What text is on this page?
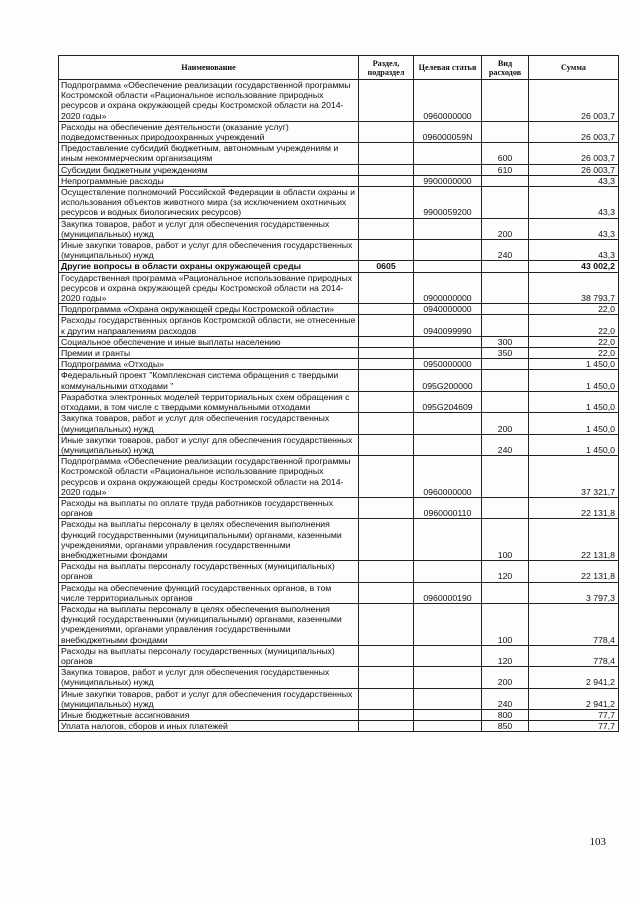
Наименование	Раздел, подраздел	Целевая статья	Вид расходов	Сумма
Подпрограмма «Обеспечение реализации государственной программы Костромской области «Рациональное использование природных ресурсов и охрана окружающей среды Костромской области на 2014-2020 годы»		0960000000		26 003,7
Расходы на обеспечение деятельности (оказание услуг) подведомственных природоохранных учреждений		096000059N		26 003,7
Предоставление субсидий бюджетным, автономным учреждениям и иным некоммерческим организациям			600	26 003,7
Субсидии бюджетным учреждениям			610	26 003,7
Непрограммные расходы		9900000000		43,3
Осуществление полномочий Российской Федерации в области охраны и использования объектов животного мира (за исключением охотничьих ресурсов и водных биологических ресурсов)		9900059200		43,3
Закупка товаров, работ и услуг для обеспечения государственных (муниципальных) нужд			200	43,3
Иные закупки товаров, работ и услуг для обеспечения государственных (муниципальных) нужд			240	43,3
Другие вопросы в области охраны окружающей среды	0605			43 002,2
Государственная программа «Рациональное использование природных ресурсов и охрана окружающей среды Костромской области на 2014-2020 годы»		0900000000		38 793,7
Подпрограмма «Охрана окружающей среды Костромской области»		0940000000		22,0
Расходы государственных органов Костромской области, не отнесенные к другим направлениям расходов		0940099990		22,0
Социальное обеспечение и иные выплаты населению			300	22,0
Премии и гранты			350	22,0
Подпрограмма «Отходы»		0950000000		1 450,0
Федеральный проект "Комплексная система обращения с твердыми коммунальными отходами "		095G200000		1 450,0
Разработка электронных моделей территориальных схем обращения с отходами, в том числе с твердыми коммунальными отходами		095G204609		1 450,0
Закупка товаров, работ и услуг для обеспечения государственных (муниципальных) нужд			200	1 450,0
Иные закупки товаров, работ и услуг для обеспечения государственных (муниципальных) нужд			240	1 450,0
Подпрограмма «Обеспечение реализации государственной программы Костромской области «Рациональное использование природных ресурсов и охрана окружающей среды Костромской области на 2014-2020 годы»		0960000000		37 321,7
Расходы на выплаты по оплате труда работников государственных органов		0960000110		22 131,8
Расходы на выплаты персоналу в целях обеспечения выполнения функций государственными (муниципальными) органами, казенными учреждениями, органами управления государственными внебюджетными фондами			100	22 131,8
Расходы на выплаты персоналу государственных (муниципальных) органов			120	22 131,8
Расходы на обеспечение функций государственных органов, в том числе территориальных органов		0960000190		3 797,3
Расходы на выплаты персоналу в целях обеспечения выполнения функций государственными (муниципальными) органами, казенными учреждениями, органами управления государственными внебюджетными фондами			100	778,4
Расходы на выплаты персоналу государственных (муниципальных) органов			120	778,4
Закупка товаров, работ и услуг для обеспечения государственных (муниципальных) нужд			200	2 941,2
Иные закупки товаров, работ и услуг для обеспечения государственных (муниципальных) нужд			240	2 941,2
Иные бюджетные ассигнования			800	77,7
Уплата налогов, сборов и иных платежей			850	77,7
103
